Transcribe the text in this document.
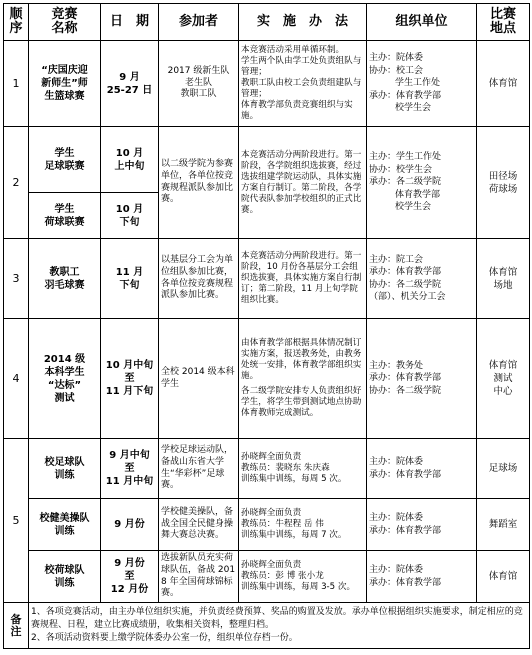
顺
序	竞赛
名称	日　期	参加者	实　施　办　法	组织单位	比赛
地点

1	“庆国庆迎
新师生”师
生篮球赛	9 月
25-27 日	2017 级新生队
老生队
教职工队	本竞赛活动采用单循环制。
学生两个队由学工处负责组队与管理；
教职工队由校工会负责组建队与管理；
体育教学部负责竞赛组织与实施。	主办：院体委
协办：校工会
学生工作处
承办：体育教学部
校学生会	体育馆

2	学生
足球联赛	10 月
上中旬	以二级学院为参赛单位，各单位按竞赛规程派队参加比赛。	本竞赛活动分两阶段进行。第一阶段，各学院组织选拔赛，经过选拔组建学院运动队，具体实施方案自行制订。第二阶段，各学院代表队参加学校组织的正式比赛。	主办：学生工作处
协办：校学生会
承办：各二级学院
体育教学部
校学生会	田径场
荷球场

	学生
荷球联赛	10 月
下旬				

3	教职工
羽毛球赛	11 月
下旬	以基层分工会为单位组队参加比赛，各单位按竞赛规程派队参加比赛。	本竞赛活动分两阶段进行。第一阶段，10 月份各基层分工会组织选拔赛，具体实施方案自行制订；第二阶段，11 月上旬学院组织比赛。	主办：院工会
承办：体育教学部
协办：各二级学院
（部）、机关分工会	体育馆
场地

4	2014 级
本科学生
“达标”
测试	10 月中旬
至
11 月下旬	全校 2014 级本科学生	由体育教学部根据具体情况制订实施方案，报送教务处，由教务处统一安排，体育教学部组织实施。
各二级学院安排专人负责组织好学生，将学生带到测试地点协助体育教师完成测试。	主办：教务处
承办：体育教学部
协办：各二级学院	体育馆
测试
中心

5	校足球队
训练	9 月中旬
至
11 月中旬	学校足球运动队，备战山东省大学生“华彩杯”足球赛。	孙晓辉全面负责
教练员：裴晓东 朱庆森
训练集中训练，每周 5 次。	主办：院体委
承办：体育教学部	足球场

	校健美操队
训练	9 月份	学校健美操队，备战全国全民健身操舞大赛总决赛。	孙晓辉全面负责
教练员：牛程程 岳 伟
训练集中训练，每周 7 次。	主办：院体委
承办：体育教学部	舞蹈室

	校荷球队
训练	9 月份
至
12 月份	选拔新队员充实荷球队伍，备战 2018 年全国荷球锦标赛。	孙晓辉全面负责
教练员：彭 博 张小龙
训练集中训练，每周 3-5 次。	主办：院体委
承办：体育教学部	体育馆

备
注	1、各项竞赛活动，由主办单位组织实施，并负责经费预算、奖品的购置及发放。承办单位根据组织实施要求，制定相应的竞赛规程、日程，建立比赛成绩册，收集相关资料，整理归档。
2、各项活动资料要上缴学院体委办公室一份，组织单位存档一份。					
